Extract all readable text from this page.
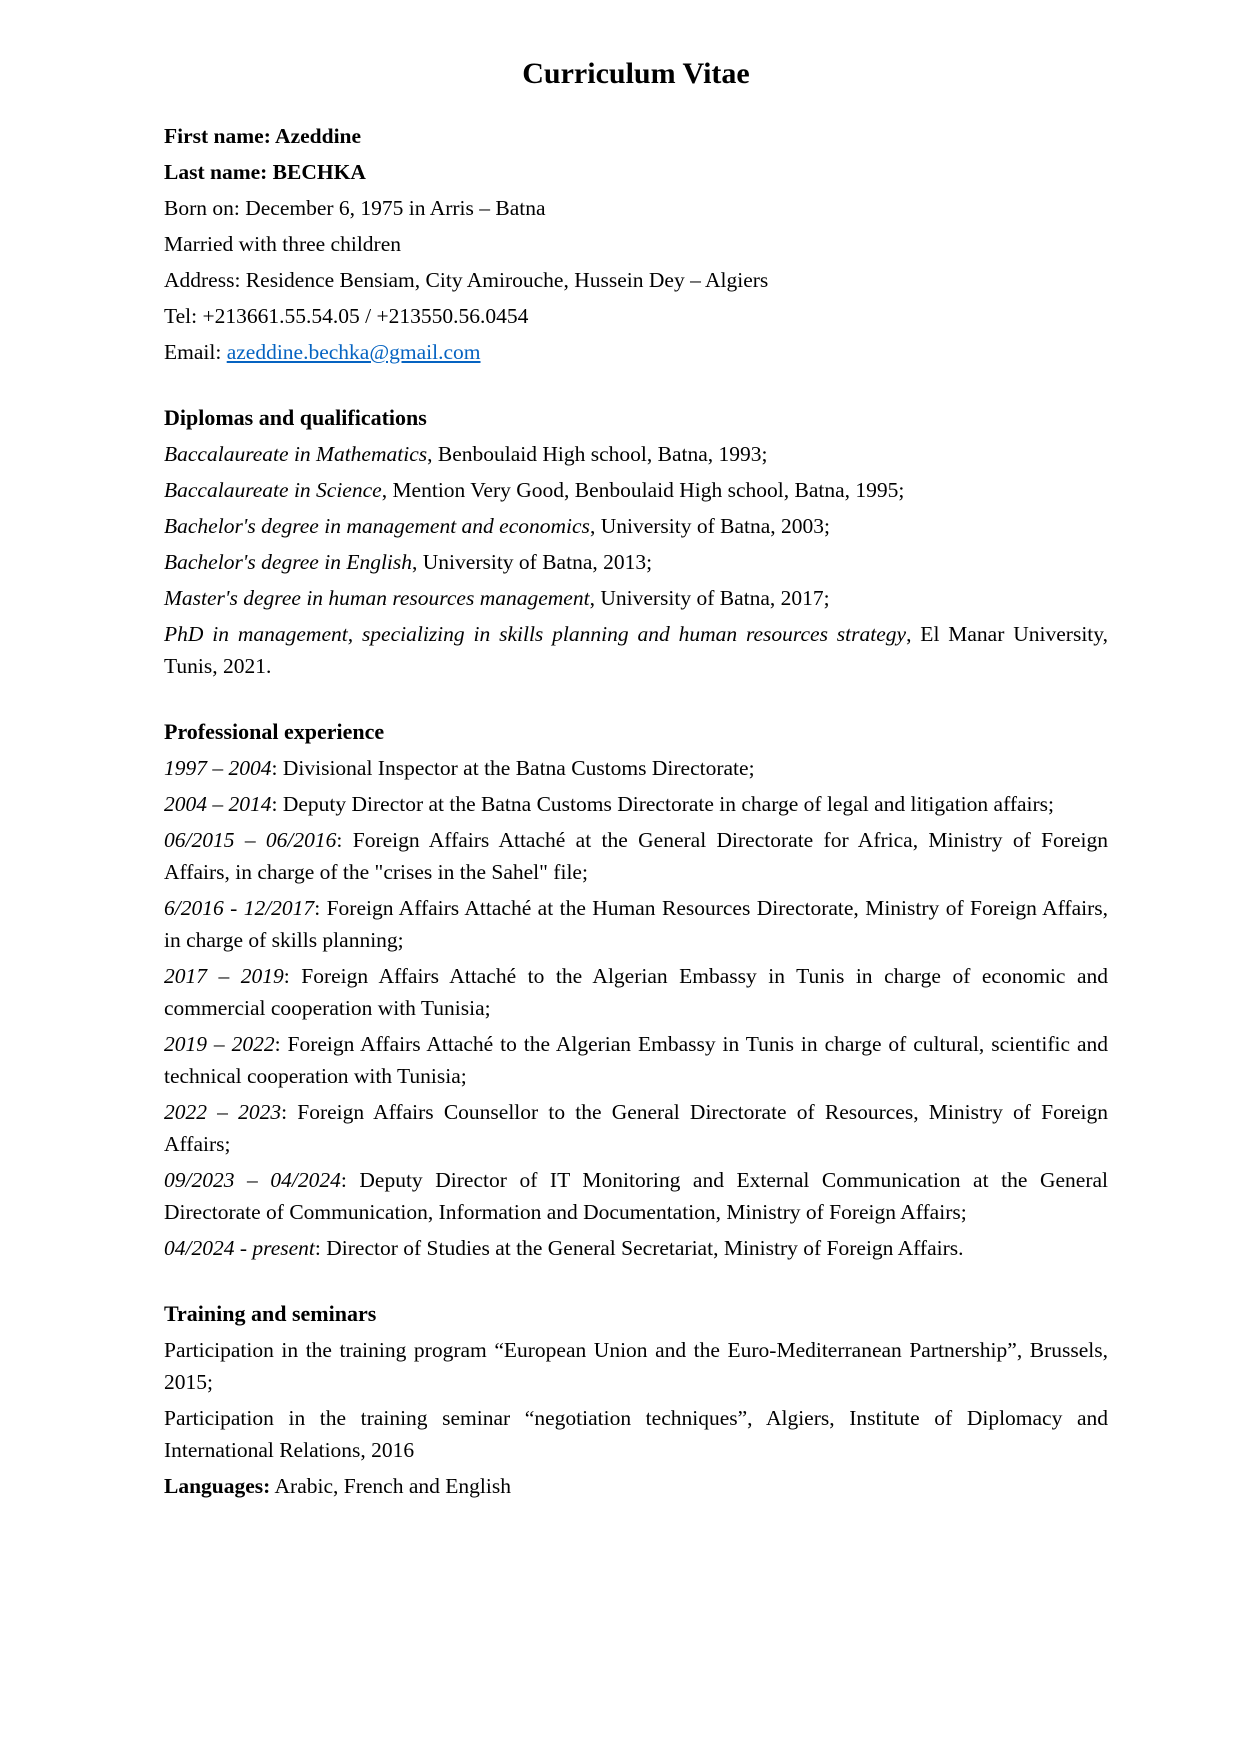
Curriculum Vitae

First name: Azeddine

Last name: BECHKA

Born on: December 6, 1975 in Arris – Batna

Married with three children

Address: Residence Bensiam, City Amirouche, Hussein Dey – Algiers

Tel: +213661.55.54.05 / +213550.56.0454

Email: azeddine.bechka@gmail.com

Diplomas and qualifications

Baccalaureate in Mathematics, Benboulaid High school, Batna, 1993;

Baccalaureate in Science, Mention Very Good, Benboulaid High school, Batna, 1995;

Bachelor's degree in management and economics, University of Batna, 2003;

Bachelor's degree in English, University of Batna, 2013;

Master's degree in human resources management, University of Batna, 2017;

PhD in management, specializing in skills planning and human resources strategy, El Manar University, Tunis, 2021.

Professional experience

1997 – 2004: Divisional Inspector at the Batna Customs Directorate;

2004 – 2014: Deputy Director at the Batna Customs Directorate in charge of legal and litigation affairs;

06/2015 – 06/2016: Foreign Affairs Attaché at the General Directorate for Africa, Ministry of Foreign Affairs, in charge of the "crises in the Sahel" file;

6/2016 - 12/2017: Foreign Affairs Attaché at the Human Resources Directorate, Ministry of Foreign Affairs, in charge of skills planning;

2017 – 2019: Foreign Affairs Attaché to the Algerian Embassy in Tunis in charge of economic and commercial cooperation with Tunisia;

2019 – 2022: Foreign Affairs Attaché to the Algerian Embassy in Tunis in charge of cultural, scientific and technical cooperation with Tunisia;

2022 – 2023: Foreign Affairs Counsellor to the General Directorate of Resources, Ministry of Foreign Affairs;

09/2023 – 04/2024: Deputy Director of IT Monitoring and External Communication at the General Directorate of Communication, Information and Documentation, Ministry of Foreign Affairs;

04/2024 - present: Director of Studies at the General Secretariat, Ministry of Foreign Affairs.

Training and seminars

Participation in the training program “European Union and the Euro-Mediterranean Partnership”, Brussels, 2015;

Participation in the training seminar “negotiation techniques”, Algiers, Institute of Diplomacy and International Relations, 2016

Languages: Arabic, French and English
